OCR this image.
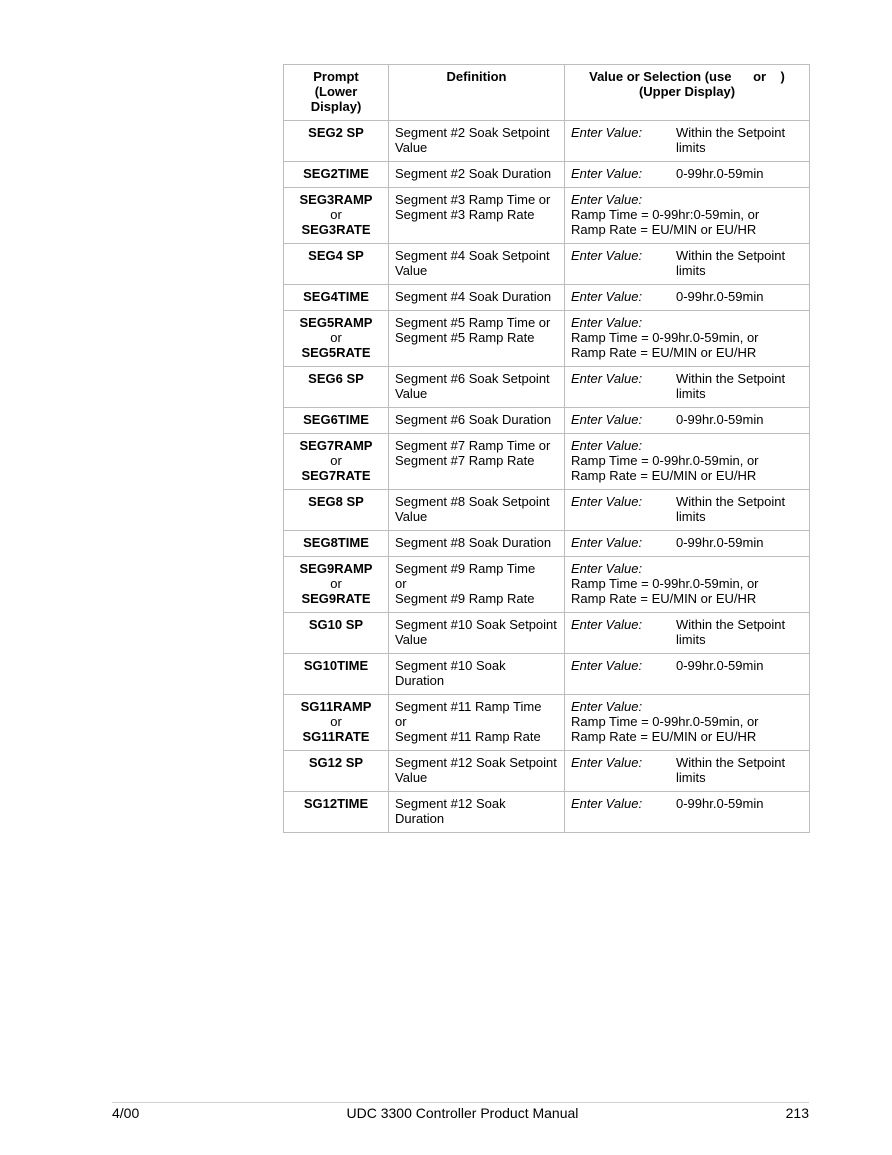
Prompt
(Lower Display)	Definition	Value or Selection (use      or    )
(Upper Display)

SEG2 SP	Segment #2 Soak Setpoint Value	Enter Value: Within the Setpoint limits

SEG2TIME	Segment #2 Soak Duration	Enter Value: 0-99hr.0-59min

SEG3RAMP
or
SEG3RATE	Segment #3 Ramp Time or Segment #3 Ramp Rate	Enter Value:
Ramp Time = 0-99hr:0-59min, or
Ramp Rate = EU/MIN or EU/HR

SEG4 SP	Segment #4 Soak Setpoint Value	Enter Value: Within the Setpoint limits

SEG4TIME	Segment #4 Soak Duration	Enter Value: 0-99hr.0-59min

SEG5RAMP
or
SEG5RATE	Segment #5 Ramp Time or Segment #5 Ramp Rate	Enter Value:
Ramp Time = 0-99hr.0-59min, or
Ramp Rate = EU/MIN or EU/HR

SEG6 SP	Segment #6 Soak Setpoint Value	Enter Value: Within the Setpoint limits

SEG6TIME	Segment #6 Soak Duration	Enter Value: 0-99hr.0-59min

SEG7RAMP
or
SEG7RATE	Segment #7 Ramp Time or Segment #7 Ramp Rate	Enter Value:
Ramp Time = 0-99hr.0-59min, or
Ramp Rate = EU/MIN or EU/HR

SEG8 SP	Segment #8 Soak Setpoint Value	Enter Value: Within the Setpoint limits

SEG8TIME	Segment #8 Soak Duration	Enter Value: 0-99hr.0-59min

SEG9RAMP
or
SEG9RATE	Segment #9 Ramp Time
or
Segment #9 Ramp Rate	Enter Value:
Ramp Time = 0-99hr.0-59min, or
Ramp Rate = EU/MIN or EU/HR

SG10 SP	Segment #10 Soak Setpoint Value	Enter Value: Within the Setpoint limits

SG10TIME	Segment #10 Soak Duration	Enter Value: 0-99hr.0-59min

SG11RAMP
or
SG11RATE	Segment #11 Ramp Time
or
Segment #11 Ramp Rate	Enter Value:
Ramp Time = 0-99hr.0-59min, or
Ramp Rate = EU/MIN or EU/HR

SG12 SP	Segment #12 Soak Setpoint Value	Enter Value: Within the Setpoint limits

SG12TIME	Segment #12 Soak Duration	Enter Value: 0-99hr.0-59min
4/00	UDC 3300 Controller Product Manual	213
